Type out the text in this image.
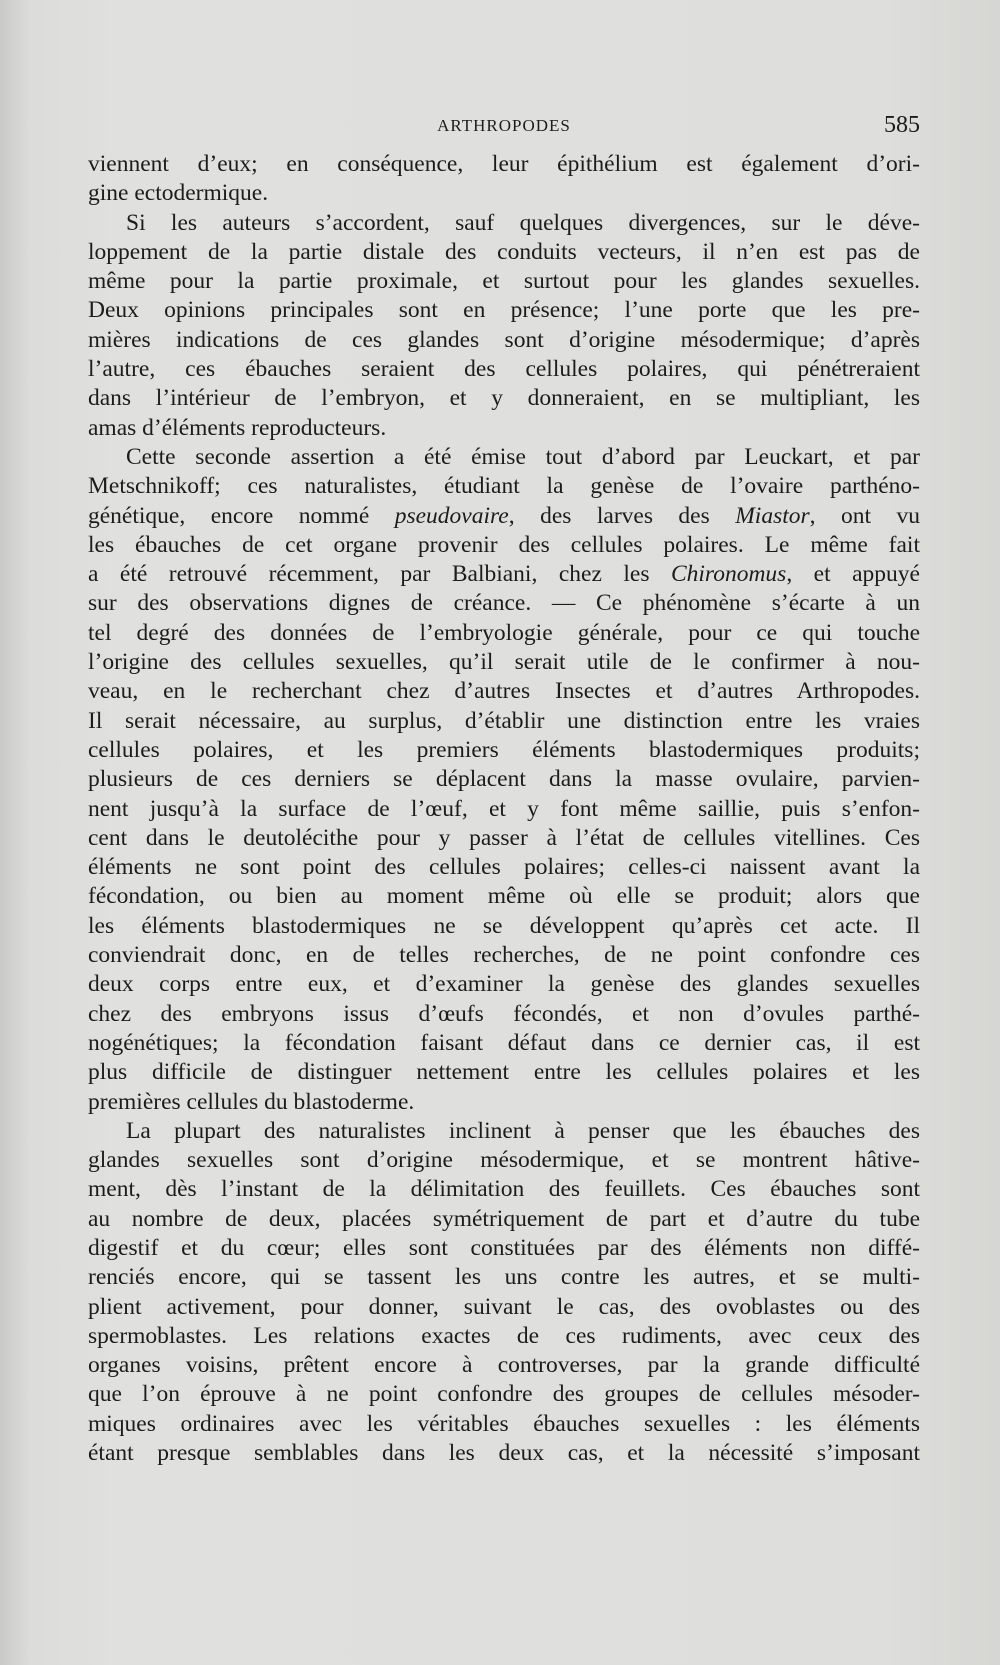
ARTHROPODES	585
viennent d’eux; en conséquence, leur épithélium est également d’ori-
gine ectodermique.
Si les auteurs s’accordent, sauf quelques divergences, sur le déve-
loppement de la partie distale des conduits vecteurs, il n’en est pas de
même pour la partie proximale, et surtout pour les glandes sexuelles.
Deux opinions principales sont en présence; l’une porte que les pre-
mières indications de ces glandes sont d’origine mésodermique; d’après
l’autre, ces ébauches seraient des cellules polaires, qui pénétreraient
dans l’intérieur de l’embryon, et y donneraient, en se multipliant, les
amas d’éléments reproducteurs.
Cette seconde assertion a été émise tout d’abord par Leuckart, et par
Metschnikoff; ces naturalistes, étudiant la genèse de l’ovaire parthéno-
génétique, encore nommé pseudovaire, des larves des Miastor, ont vu
les ébauches de cet organe provenir des cellules polaires. Le même fait
a été retrouvé récemment, par Balbiani, chez les Chironomus, et appuyé
sur des observations dignes de créance. — Ce phénomène s’écarte à un
tel degré des données de l’embryologie générale, pour ce qui touche
l’origine des cellules sexuelles, qu’il serait utile de le confirmer à nou-
veau, en le recherchant chez d’autres Insectes et d’autres Arthropodes.
Il serait nécessaire, au surplus, d’établir une distinction entre les vraies
cellules polaires, et les premiers éléments blastodermiques produits;
plusieurs de ces derniers se déplacent dans la masse ovulaire, parvien-
nent jusqu’à la surface de l’œuf, et y font même saillie, puis s’enfon-
cent dans le deutolécithe pour y passer à l’état de cellules vitellines. Ces
éléments ne sont point des cellules polaires; celles-ci naissent avant la
fécondation, ou bien au moment même où elle se produit; alors que
les éléments blastodermiques ne se développent qu’après cet acte. Il
conviendrait donc, en de telles recherches, de ne point confondre ces
deux corps entre eux, et d’examiner la genèse des glandes sexuelles
chez des embryons issus d’œufs fécondés, et non d’ovules parthé-
nogénétiques; la fécondation faisant défaut dans ce dernier cas, il est
plus difficile de distinguer nettement entre les cellules polaires et les
premières cellules du blastoderme.
La plupart des naturalistes inclinent à penser que les ébauches des
glandes sexuelles sont d’origine mésodermique, et se montrent hâtive-
ment, dès l’instant de la délimitation des feuillets. Ces ébauches sont
au nombre de deux, placées symétriquement de part et d’autre du tube
digestif et du cœur; elles sont constituées par des éléments non diffé-
renciés encore, qui se tassent les uns contre les autres, et se multi-
plient activement, pour donner, suivant le cas, des ovoblastes ou des
spermoblastes. Les relations exactes de ces rudiments, avec ceux des
organes voisins, prêtent encore à controverses, par la grande difficulté
que l’on éprouve à ne point confondre des groupes de cellules mésoder-
miques ordinaires avec les véritables ébauches sexuelles : les éléments
étant presque semblables dans les deux cas, et la nécessité s’imposant
